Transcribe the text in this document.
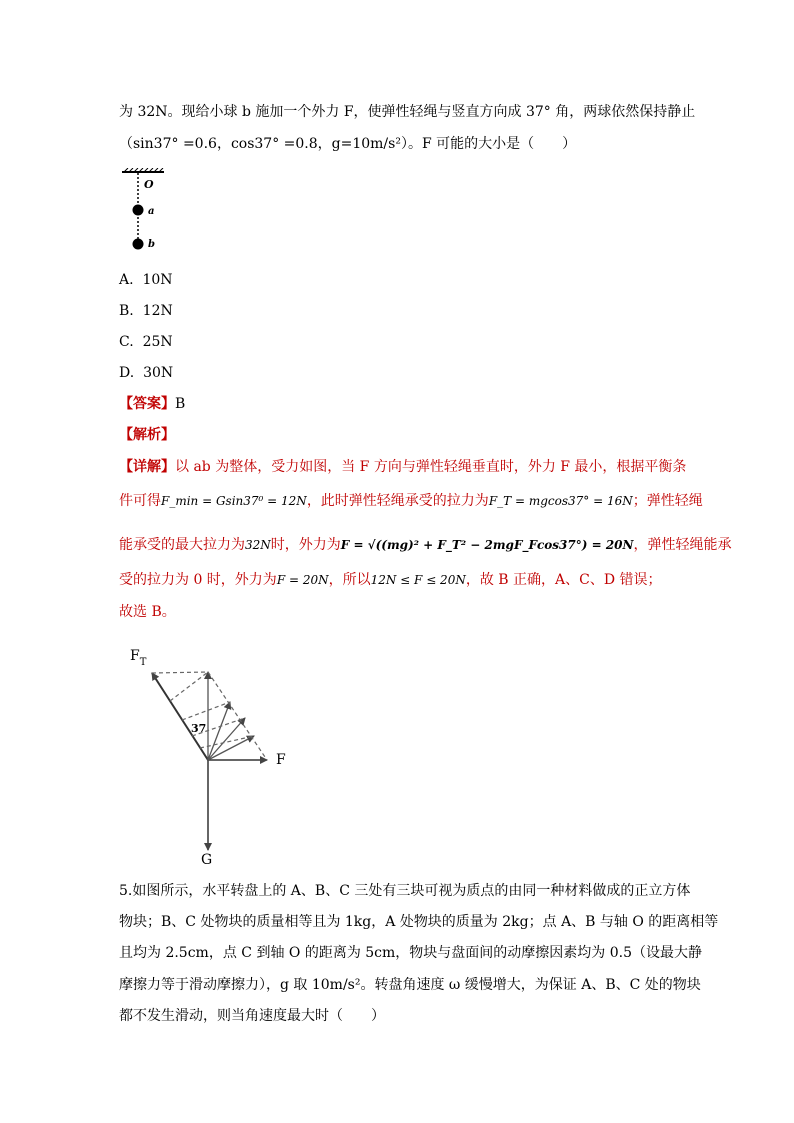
为 32N。现给小球 b 施加一个外力 F，使弹性轻绳与竖直方向成 37° 角，两球依然保持静止
（sin37° =0.6，cos37° =0.8，g=10m/s²）。F 可能的大小是（　　）
O
a
b
A. 10N
B. 12N
C. 25N
D. 30N
【答案】B
【解析】
【详解】以 ab 为整体，受力如图，当 F 方向与弹性轻绳垂直时，外力 F 最小，根据平衡条
件可得F_min = Gsin37⁰ = 12N，此时弹性轻绳承受的拉力为F_T = mgcos37° = 16N；弹性轻绳
能承受的最大拉力为32N时，外力为F = √((mg)² + F_T² − 2mgF_Fcos37°) = 20N，弹性轻绳能承
受的拉力为 0 时，外力为F = 20N，所以12N ≤ F ≤ 20N，故 B 正确，A、C、D 错误；
故选 B。
$F_T$
37
F
G
5.如图所示，水平转盘上的 A、B、C 三处有三块可视为质点的由同一种材料做成的正立方体
物块；B、C 处物块的质量相等且为 1kg，A 处物块的质量为 2kg；点 A、B 与轴 O 的距离相等
且均为 2.5cm，点 C 到轴 O 的距离为 5cm，物块与盘面间的动摩擦因素均为 0.5（设最大静
摩擦力等于滑动摩擦力），g 取 10m/s²。转盘角速度 ω 缓慢增大，为保证 A、B、C 处的物块
都不发生滑动，则当角速度最大时（　　）
